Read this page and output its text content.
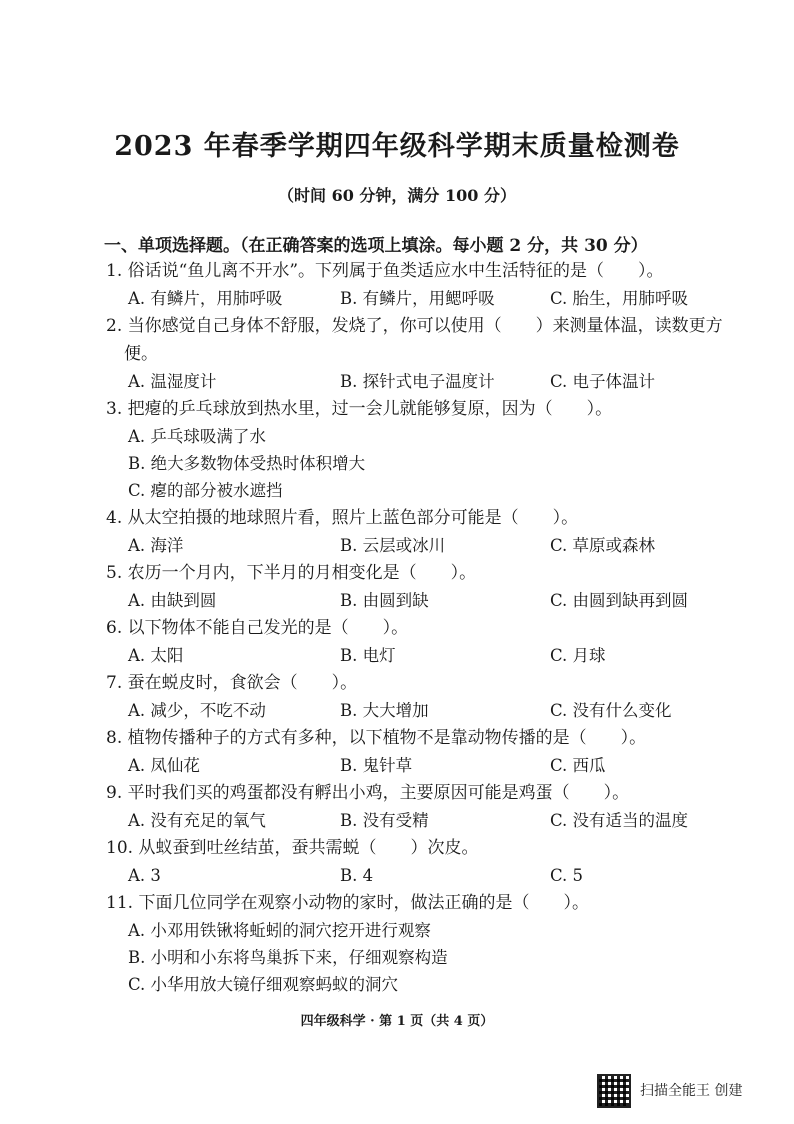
2023 年春季学期四年级科学期末质量检测卷
（时间 60 分钟，满分 100 分）
一、单项选择题。（在正确答案的选项上填涂。每小题 2 分，共 30 分）
1. 俗话说“鱼儿离不开水”。下列属于鱼类适应水中生活特征的是（　　）。
A. 有鳞片，用肺呼吸	B. 有鳞片，用鳃呼吸	C. 胎生，用肺呼吸
2. 当你感觉自己身体不舒服，发烧了，你可以使用（　　）来测量体温，读数更方便。
A. 温湿度计	B. 探针式电子温度计	C. 电子体温计
3. 把瘪的乒乓球放到热水里，过一会儿就能够复原，因为（　　）。
A. 乒乓球吸满了水
B. 绝大多数物体受热时体积增大
C. 瘪的部分被水遮挡
4. 从太空拍摄的地球照片看，照片上蓝色部分可能是（　　）。
A. 海洋	B. 云层或冰川	C. 草原或森林
5. 农历一个月内，下半月的月相变化是（　　）。
A. 由缺到圆	B. 由圆到缺	C. 由圆到缺再到圆
6. 以下物体不能自己发光的是（　　）。
A. 太阳	B. 电灯	C. 月球
7. 蚕在蜕皮时，食欲会（　　）。
A. 减少，不吃不动	B. 大大增加	C. 没有什么变化
8. 植物传播种子的方式有多种，以下植物不是靠动物传播的是（　　）。
A. 凤仙花	B. 鬼针草	C. 西瓜
9. 平时我们买的鸡蛋都没有孵出小鸡，主要原因可能是鸡蛋（　　）。
A. 没有充足的氧气	B. 没有受精	C. 没有适当的温度
10. 从蚁蚕到吐丝结茧，蚕共需蜕（　　）次皮。
A. 3	B. 4	C. 5
11. 下面几位同学在观察小动物的家时，做法正确的是（　　）。
A. 小邓用铁锹将蚯蚓的洞穴挖开进行观察
B. 小明和小东将鸟巢拆下来，仔细观察构造
C. 小华用放大镜仔细观察蚂蚁的洞穴
四年级科学 · 第 1 页（共 4 页）
扫描全能王 创建
